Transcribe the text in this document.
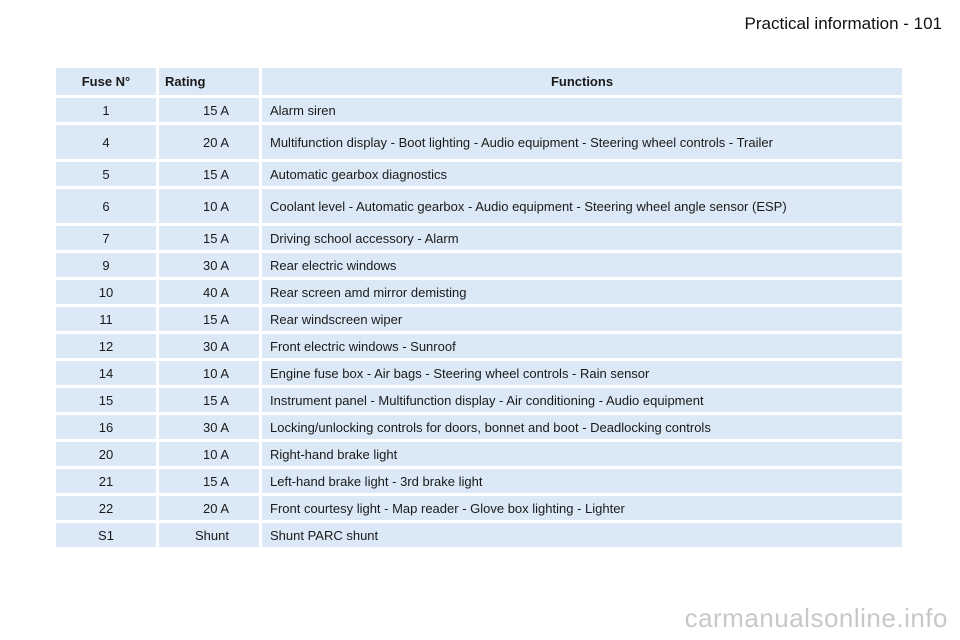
Practical information - 101
Fuse N°	Rating	Functions
1	15 A	Alarm siren
4	20 A	Multifunction display - Boot lighting - Audio equipment - Steering wheel controls - Trailer
5	15 A	Automatic gearbox diagnostics
6	10 A	Coolant level - Automatic gearbox - Audio equipment - Steering wheel angle sensor (ESP)
7	15 A	Driving school accessory - Alarm
9	30 A	Rear electric windows
10	40 A	Rear screen amd mirror demisting
11	15 A	Rear windscreen wiper
12	30 A	Front electric windows - Sunroof
14	10 A	Engine fuse box - Air bags - Steering wheel controls - Rain sensor
15	15 A	Instrument panel - Multifunction display - Air conditioning - Audio equipment
16	30 A	Locking/unlocking controls for doors, bonnet and boot - Deadlocking controls
20	10 A	Right-hand brake light
21	15 A	Left-hand brake light - 3rd brake light
22	20 A	Front courtesy light - Map reader - Glove box lighting - Lighter
S1	Shunt	Shunt PARC shunt
carmanualsonline.info
